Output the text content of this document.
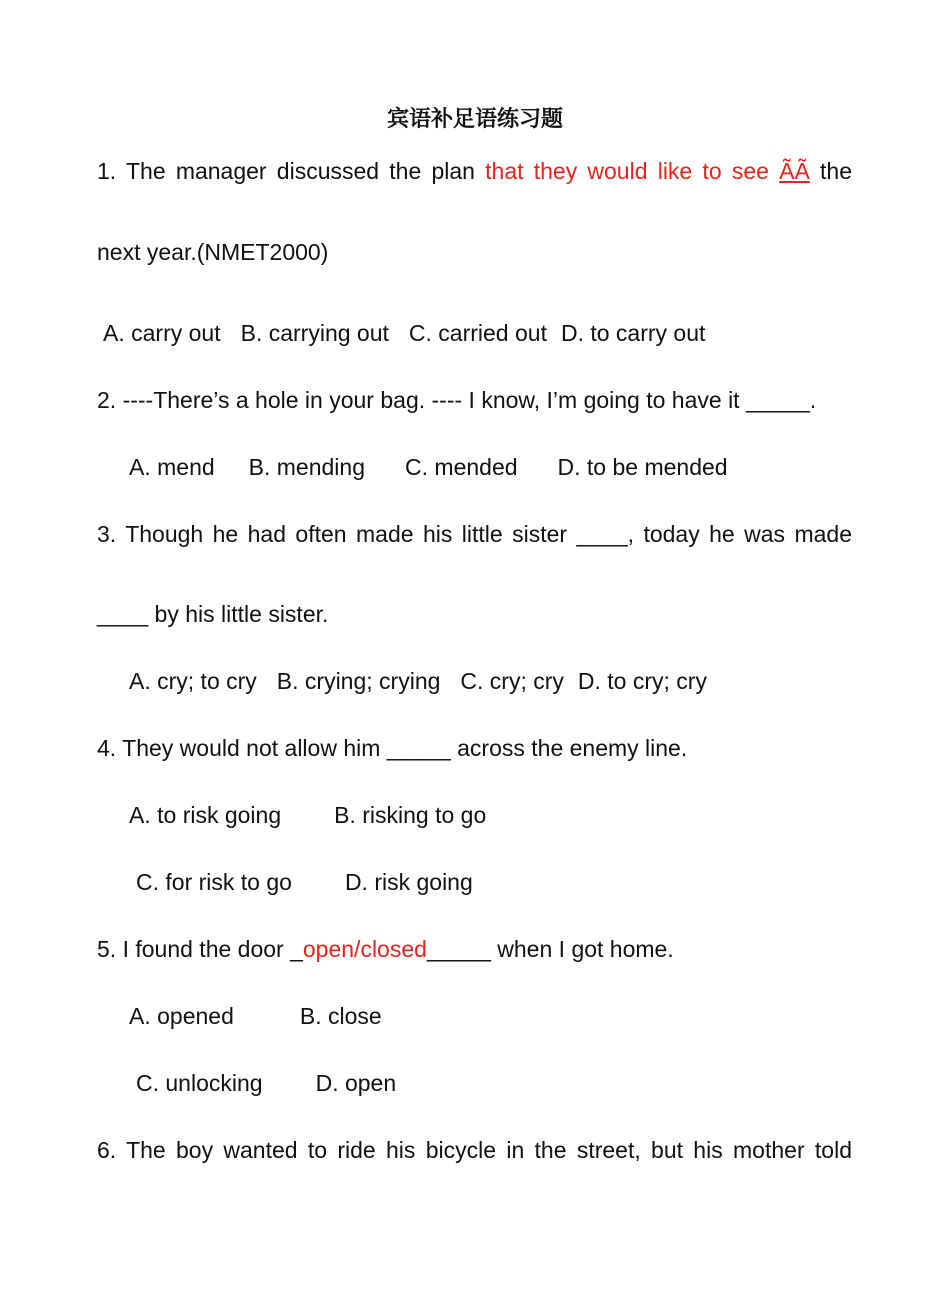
宾语补足语练习题
1. The manager discussed the plan that they would like to see ÃÃ the
next year.(NMET2000)
A. carry out B. carrying out C. carried out D. to carry out
2. ----There’s a hole in your bag. ---- I know, I’m going to have it _____.
A. mend B. mending C. mended D. to be mended
3. Though he had often made his little sister ____, today he was made
____ by his little sister.
A. cry; to cry B. crying; crying C. cry; cry D. to cry; cry
4. They would not allow him _____ across the enemy line.
A. to risk going B. risking to go
C. for risk to go D. risk going
5. I found the door _open/closed_____ when I got home.
A. opened	B. close
C. unlocking D. open
6. The boy wanted to ride his bicycle in the street, but his mother told
